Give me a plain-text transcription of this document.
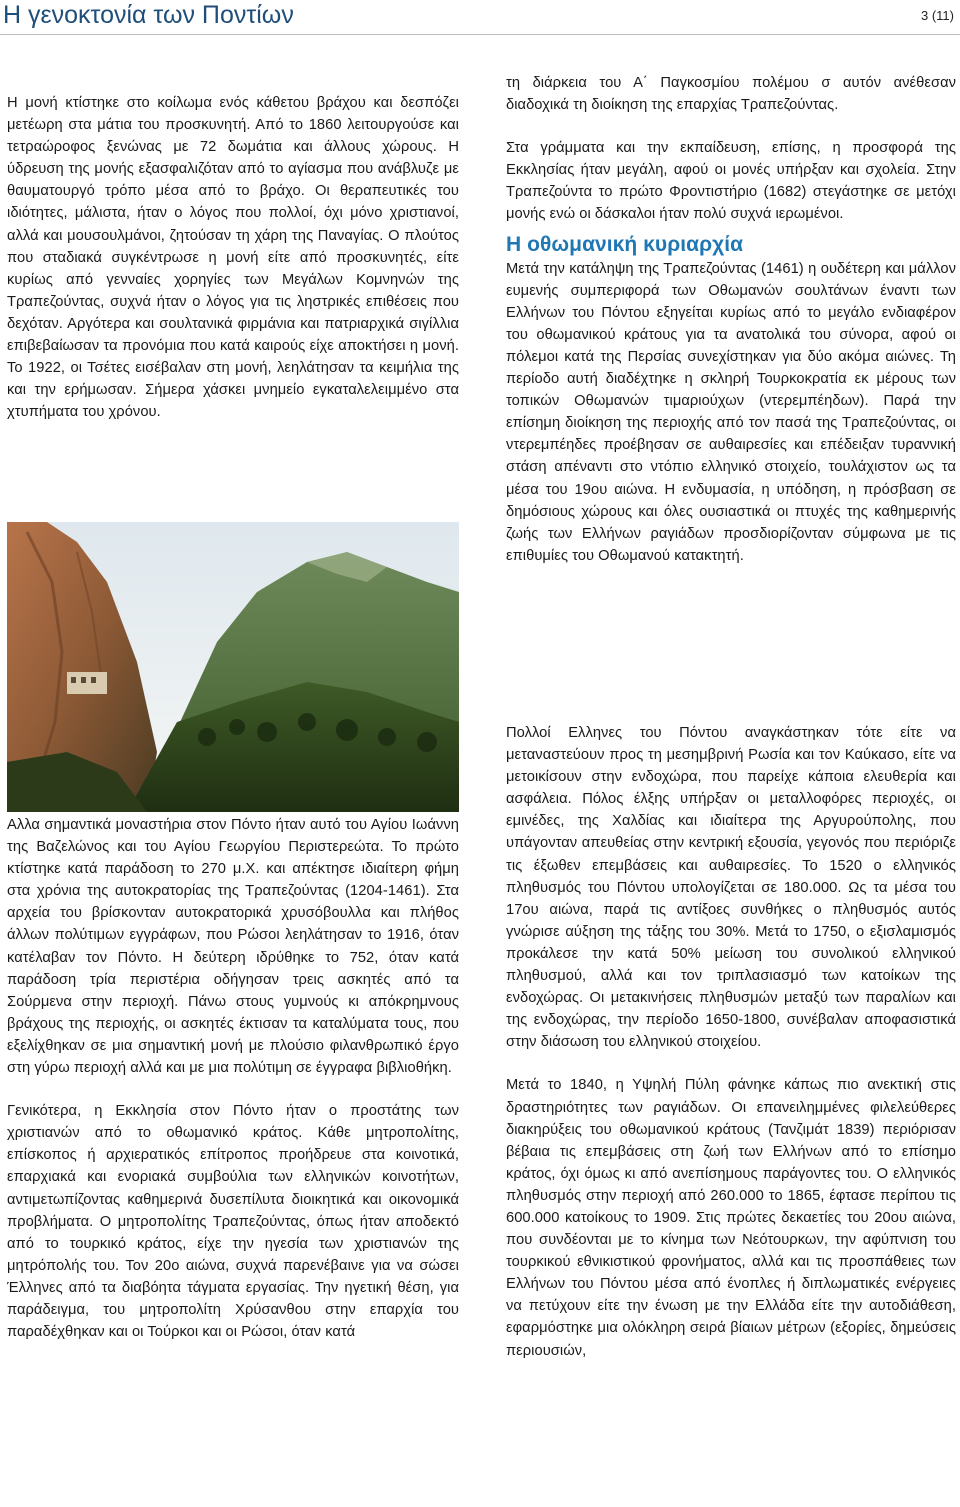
Η γενοκτονία των Ποντίων	3 (11)

Η μονή κτίστηκε στο κοίλωμα ενός κάθετου βράχου και δεσπόζει μετέωρη στα μάτια του προσκυνητή. Από το 1860 λειτουργούσε και τετραώροφος ξενώνας με 72 δωμάτια και άλλους χώρους. Η ύδρευση της μονής εξασφαλιζόταν από το αγίασμα που ανάβλυζε με θαυματουργό τρόπο μέσα από το βράχο. Οι θεραπευτικές του ιδιότητες, μάλιστα, ήταν ο λόγος που πολλοί, όχι μόνο χριστιανοί, αλλά και μουσουλμάνοι, ζητούσαν τη χάρη της Παναγίας. Ο πλούτος που σταδιακά συγκέντρωσε η μονή είτε από προσκυνητές, είτε κυρίως από γενναίες χορηγίες των Μεγάλων Κομνηνών της Τραπεζούντας, συχνά ήταν ο λόγος για τις ληστρικές επιθέσεις που δεχόταν. Αργότερα και σουλτανικά φιρμάνια και πατριαρχικά σιγίλλια επιβεβαίωσαν τα προνόμια που κατά καιρούς είχε αποκτήσει η μονή. Το 1922, οι Τσέτες εισέβαλαν στη μονή, λεηλάτησαν τα κειμήλια της και την ερήμωσαν. Σήμερα χάσκει μνημείο εγκαταλελειμμένο στα χτυπήματα του χρόνου.

Αλλα σημαντικά μοναστήρια στον Πόντο ήταν αυτό του Αγίου Ιωάννη της Βαζελώνος και του Αγίου Γεωργίου Περιστερεώτα. Το πρώτο κτίστηκε κατά παράδοση το 270 μ.Χ. και απέκτησε ιδιαίτερη φήμη στα χρόνια της αυτοκρατορίας της Τραπεζούντας (1204-1461). Στα αρχεία του βρίσκονταν αυτοκρατορικά χρυσόβουλλα και πλήθος άλλων πολύτιμων εγγράφων, που Ρώσοι λεηλάτησαν το 1916, όταν κατέλαβαν τον Πόντο. Η δεύτερη ιδρύθηκε το 752, όταν κατά παράδοση τρία περιστέρια οδήγησαν τρεις ασκητές από τα Σούρμενα στην περιοχή. Πάνω στους γυμνούς κι απόκρημνους βράχους της περιοχής, οι ασκητές έκτισαν τα καταλύματα τους, που εξελίχθηκαν σε μια σημαντική μονή με πλούσιο φιλανθρωπικό έργο στη γύρω περιοχή αλλά και με μια πολύτιμη σε έγγραφα βιβλιοθήκη.

Γενικότερα, η Εκκλησία στον Πόντο ήταν ο προστάτης των χριστιανών από το οθωμανικό κράτος. Κάθε μητροπολίτης, επίσκοπος ή αρχιερατικός επίτροπος προήδρευε στα κοινοτικά, επαρχιακά και ενοριακά συμβούλια των ελληνικών κοινοτήτων, αντιμετωπίζοντας καθημερινά δυσεπίλυτα διοικητικά και οικονομικά προβλήματα. Ο μητροπολίτης Τραπεζούντας, όπως ήταν αποδεκτό από το τουρκικό κράτος, είχε την ηγεσία των χριστιανών της μητρόπολής του. Τον 20ο αιώνα, συχνά παρενέβαινε για να σώσει Έλληνες από τα διαβόητα τάγματα εργασίας. Την ηγετική θέση, για παράδειγμα, του μητροπολίτη Χρύσανθου στην επαρχία του παραδέχθηκαν και οι Τούρκοι και οι Ρώσοι, όταν κατά

τη διάρκεια του Α΄ Παγκοσμίου πολέμου σ αυτόν ανέθεσαν διαδοχικά τη διοίκηση της επαρχίας Τραπεζούντας.

Στα γράμματα και την εκπαίδευση, επίσης, η προσφορά της Εκκλησίας ήταν μεγάλη, αφού οι μονές υπήρξαν και σχολεία. Στην Τραπεζούντα το πρώτο Φροντιστήριο (1682) στεγάστηκε σε μετόχι μονής ενώ οι δάσκαλοι ήταν πολύ συχνά ιερωμένοι.

Η οθωμανική κυριαρχία

Μετά την κατάληψη της Τραπεζούντας (1461) η ουδέτερη και μάλλον ευμενής συμπεριφορά των Οθωμανών σουλτάνων έναντι των Ελλήνων του Πόντου εξηγείται κυρίως από το μεγάλο ενδιαφέρον του οθωμανικού κράτους για τα ανατολικά του σύνορα, αφού οι πόλεμοι κατά της Περσίας συνεχίστηκαν για δύο ακόμα αιώνες. Τη περίοδο αυτή διαδέχτηκε η σκληρή Τουρκοκρατία εκ μέρους των τοπικών Οθωμανών τιμαριούχων (ντερεμπέηδων). Παρά την επίσημη διοίκηση της περιοχής από τον πασά της Τραπεζούντας, οι ντερεμπέηδες προέβησαν σε αυθαιρεσίες και επέδειξαν τυραννική στάση απέναντι στο ντόπιο ελληνικό στοιχείο, τουλάχιστον ως τα μέσα του 19ου αιώνα. Η ενδυμασία, η υπόδηση, η πρόσβαση σε δημόσιους χώρους και όλες ουσιαστικά οι πτυχές της καθημερινής ζωής των Ελλήνων ραγιάδων προσδιορίζονταν σύμφωνα με τις επιθυμίες του Οθωμανού κατακτητή.

Πολλοί Ελληνες του Πόντου αναγκάστηκαν τότε είτε να μεταναστεύουν προς τη μεσημβρινή Ρωσία και τον Καύκασο, είτε να μετοικίσουν στην ενδοχώρα, που παρείχε κάποια ελευθερία και ασφάλεια. Πόλος έλξης υπήρξαν οι μεταλλοφόρες περιοχές, οι εμινέδες, της Χαλδίας και ιδιαίτερα της Αργυρούπολης, που υπάγονταν απευθείας στην κεντρική εξουσία, γεγονός που περιόριζε τις έξωθεν επεμβάσεις και αυθαιρεσίες. Το 1520 ο ελληνικός πληθυσμός του Πόντου υπολογίζεται σε 180.000. Ως τα μέσα του 17ου αιώνα, παρά τις αντίξοες συνθήκες ο πληθυσμός αυτός γνώρισε αύξηση της τάξης του 30%. Μετά το 1750, ο εξισλαμισμός προκάλεσε την κατά 50% μείωση του συνολικού ελληνικού πληθυσμού, αλλά και τον τριπλασιασμό των κατοίκων της ενδοχώρας. Οι μετακινήσεις πληθυσμών μεταξύ των παραλίων και της ενδοχώρας, την περίοδο 1650-1800, συνέβαλαν αποφασιστικά στην διάσωση του ελληνικού στοιχείου.

Μετά το 1840, η Υψηλή Πύλη φάνηκε κάπως πιο ανεκτική στις δραστηριότητες των ραγιάδων. Οι επανειλημμένες φιλελεύθερες διακηρύξεις του οθωμανικού κράτους (Τανζιμάτ 1839) περιόρισαν βέβαια τις επεμβάσεις στη ζωή των Ελλήνων από το επίσημο κράτος, όχι όμως κι από ανεπίσημους παράγοντες του. Ο ελληνικός πληθυσμός στην περιοχή από 260.000 το 1865, έφτασε περίπου τις 600.000 κατοίκους το 1909. Στις πρώτες δεκαετίες του 20ου αιώνα, που συνδέονται με το κίνημα των Νεότουρκων, την αφύπνιση του τουρκικού εθνικιστικού φρονήματος, αλλά και τις προσπάθειες των Ελλήνων του Πόντου μέσα από ένοπλες ή διπλωματικές ενέργειες να πετύχουν είτε την ένωση με την Ελλάδα είτε την αυτοδιάθεση, εφαρμόστηκε μια ολόκληρη σειρά βίαιων μέτρων (εξορίες, δημεύσεις περιουσιών,
